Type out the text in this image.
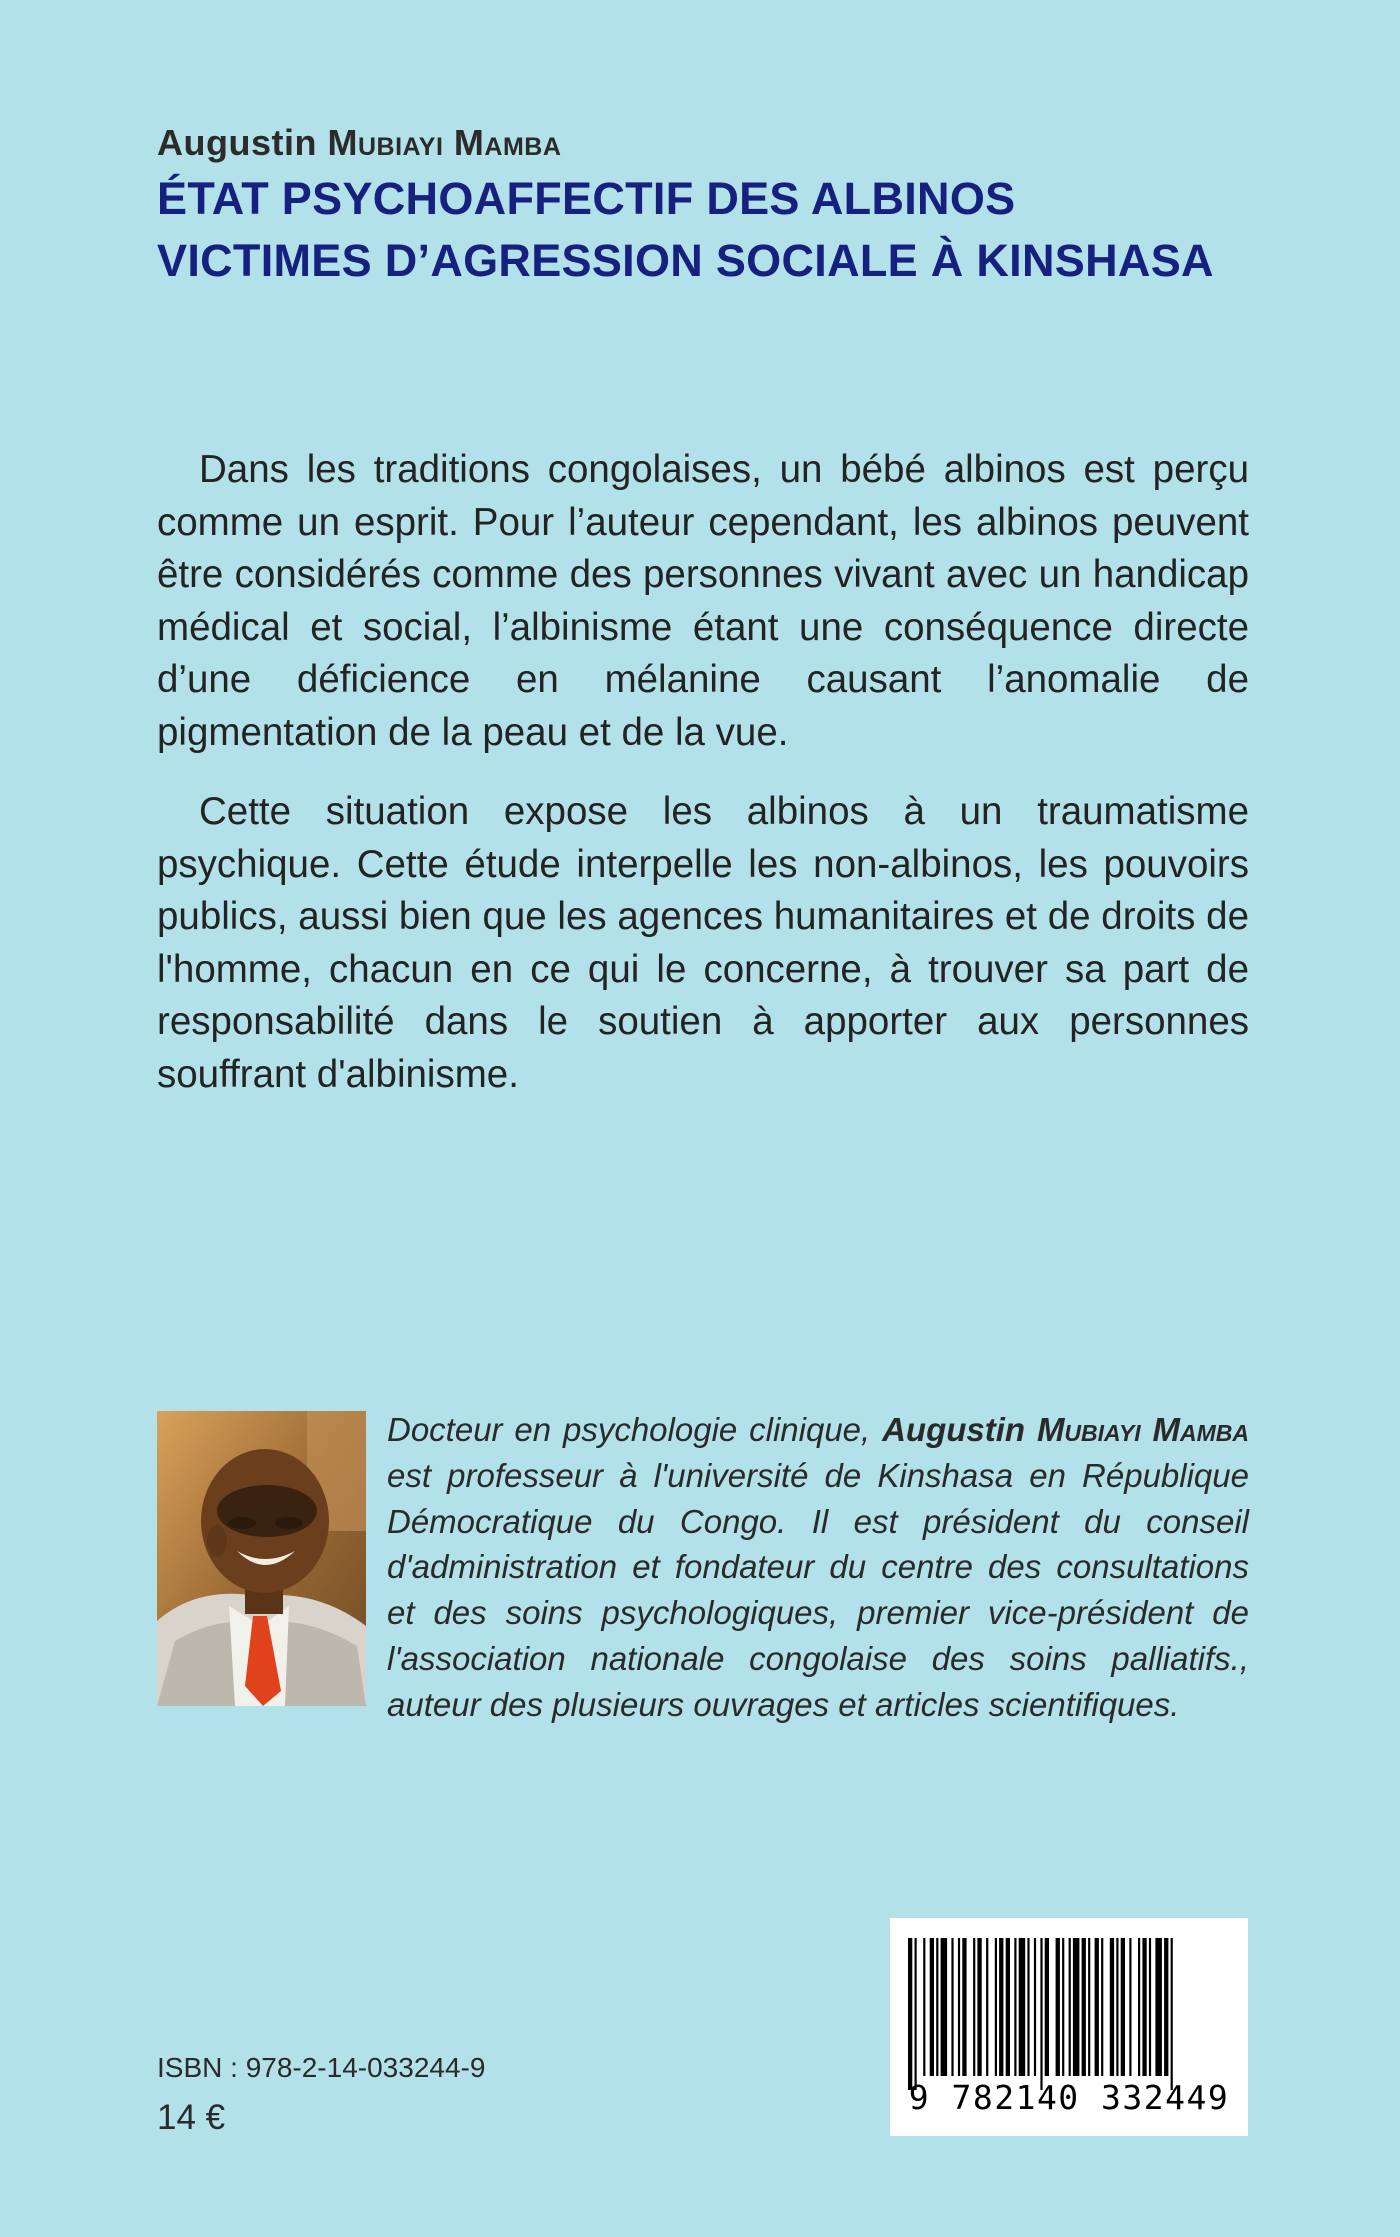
Augustin Mubiayi Mamba
ÉTAT PSYCHOAFFECTIF DES ALBINOS
VICTIMES D’AGRESSION SOCIALE À KINSHASA

Dans les traditions congolaises, un bébé albinos est perçu comme un esprit. Pour l’auteur cependant, les albinos peuvent être considérés comme des personnes vivant avec un handicap médical et social, l’albinisme étant une conséquence directe d’une déficience en mélanine causant l’anomalie de pigmentation de la peau et de la vue.

Cette situation expose les albinos à un traumatisme psychique. Cette étude interpelle les non-albinos, les pouvoirs publics, aussi bien que les agences humanitaires et de droits de l'homme, chacun en ce qui le concerne, à trouver sa part de responsabilité dans le soutien à apporter aux personnes souffrant d'albinisme.

Docteur en psychologie clinique, Augustin Mubiayi Mamba est professeur à l'université de Kinshasa en République Démocratique du Congo. Il est président du conseil d'administration et fondateur du centre des consultations et des soins psychologiques, premier vice-président de l'association nationale congolaise des soins palliatifs., auteur des plusieurs ouvrages et articles scientifiques.

ISBN : 978-2-14-033244-9
14 €
9 782140 332449
